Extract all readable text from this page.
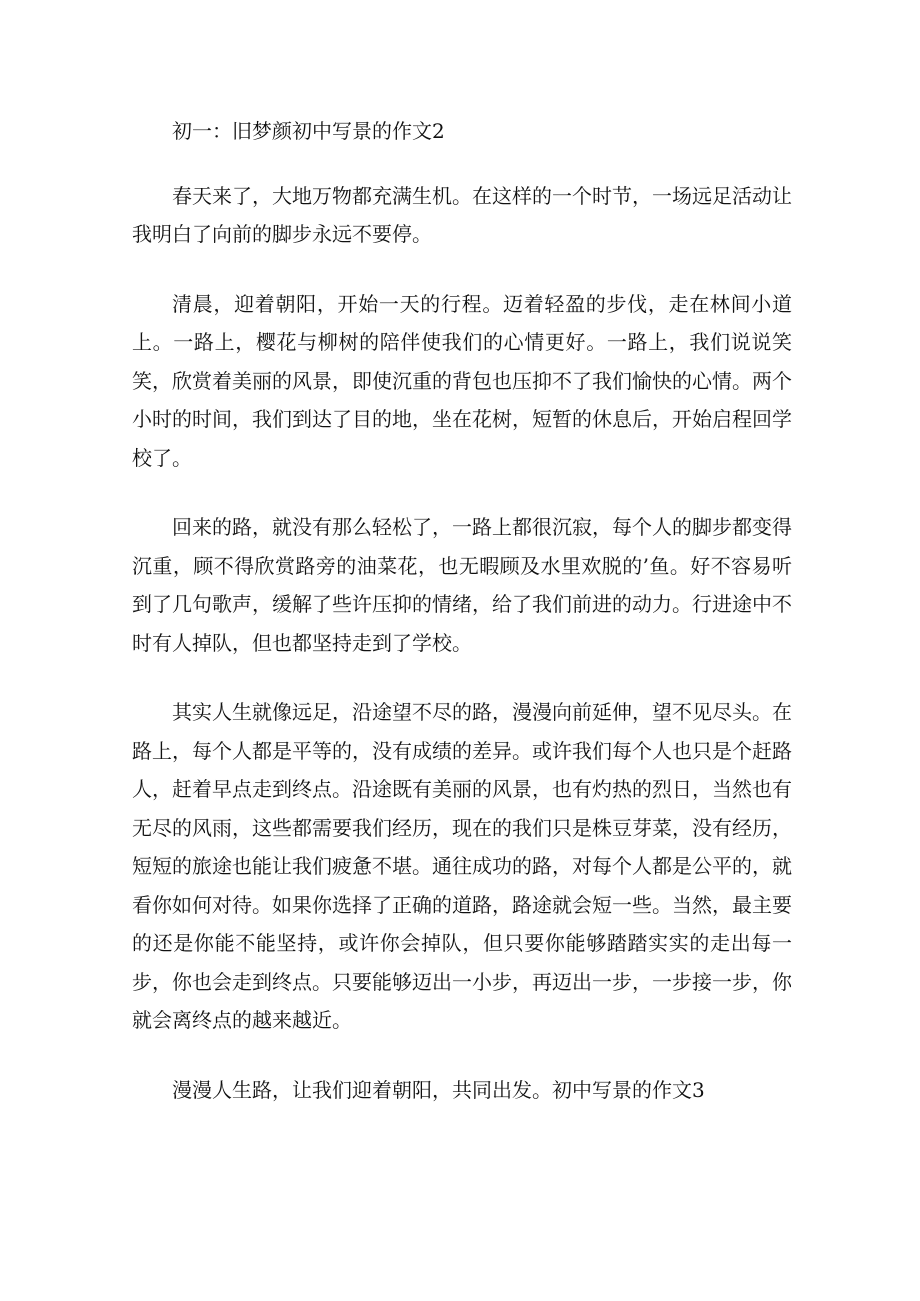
初一：旧梦颜初中写景的作文2

春天来了，大地万物都充满生机。在这样的一个时节，一场远足活动让我明白了向前的脚步永远不要停。

清晨，迎着朝阳，开始一天的行程。迈着轻盈的步伐，走在林间小道上。一路上，樱花与柳树的陪伴使我们的心情更好。一路上，我们说说笑笑，欣赏着美丽的风景，即使沉重的背包也压抑不了我们愉快的心情。两个小时的时间，我们到达了目的地，坐在花树，短暂的休息后，开始启程回学校了。

回来的路，就没有那么轻松了，一路上都很沉寂，每个人的脚步都变得沉重，顾不得欣赏路旁的油菜花，也无暇顾及水里欢脱的’鱼。好不容易听到了几句歌声，缓解了些许压抑的情绪，给了我们前进的动力。行进途中不时有人掉队，但也都坚持走到了学校。

其实人生就像远足，沿途望不尽的路，漫漫向前延伸，望不见尽头。在路上，每个人都是平等的，没有成绩的差异。或许我们每个人也只是个赶路人，赶着早点走到终点。沿途既有美丽的风景，也有灼热的烈日，当然也有无尽的风雨，这些都需要我们经历，现在的我们只是株豆芽菜，没有经历，短短的旅途也能让我们疲惫不堪。通往成功的路，对每个人都是公平的，就看你如何对待。如果你选择了正确的道路，路途就会短一些。当然，最主要的还是你能不能坚持，或许你会掉队，但只要你能够踏踏实实的走出每一步，你也会走到终点。只要能够迈出一小步，再迈出一步，一步接一步，你就会离终点的越来越近。

漫漫人生路，让我们迎着朝阳，共同出发。初中写景的作文3
